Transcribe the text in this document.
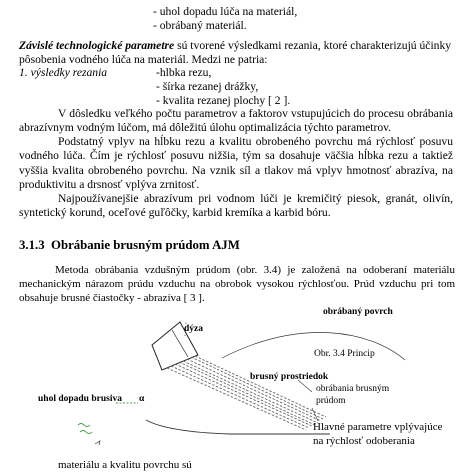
- uhol dopadu lúča na materiál,
- obrábaný materiál.
Závislé technologické parametre sú tvorené výsledkami rezania, ktoré charakterizujú účinky
pôsobenia vodného lúča na materiál. Medzi ne patria:
1. výsledky rezania	-hlbka rezu,
- šírka rezanej drážky,
- kvalita rezanej plochy [ 2 ].
V dôsledku veľkého počtu parametrov a faktorov vstupujúcich do procesu obrábania abrazívnym vodným lúčom, má dôležitú úlohu optimalizácia týchto parametrov.
Podstatný vplyv na hĺbku rezu a kvalitu obrobeného povrchu má rýchlosť posuvu vodného lúča. Čím je rýchlosť posuvu nižšia, tým sa dosahuje väčšia hĺbka rezu a taktiež vyššia kvalita obrobeného povrchu. Na vznik síl a tlakov má vplyv hmotnosť abrazíva, na produktivitu a drsnosť vplýva zrnitosť.
Najpoužívanejšie abrazívum pri vodnom lúči je kremičitý piesok, granát, olivín, syntetický korund, oceľové guľôčky, karbid kremíka a karbid bóru.
3.1.3 Obrábanie brusným prúdom AJM
Metoda obrábania vzdušným prúdom (obr. 3.4) je založená na odoberaní materiálu mechanickým nárazom prúdu vzduchu na obrobok vysokou rýchlosťou. Prúd vzduchu pri tom obsahuje brusné čiastočky - abrazíva [ 3 ].
obrábaný povrch
dýza
Obr. 3.4 Princip
brusný prostriedok
obrábania brusným
prúdom
uhol dopadu brusiva α
Hlavné parametre vplývajúce
na rýchlosť odoberania
materiálu a kvalitu povrchu sú
